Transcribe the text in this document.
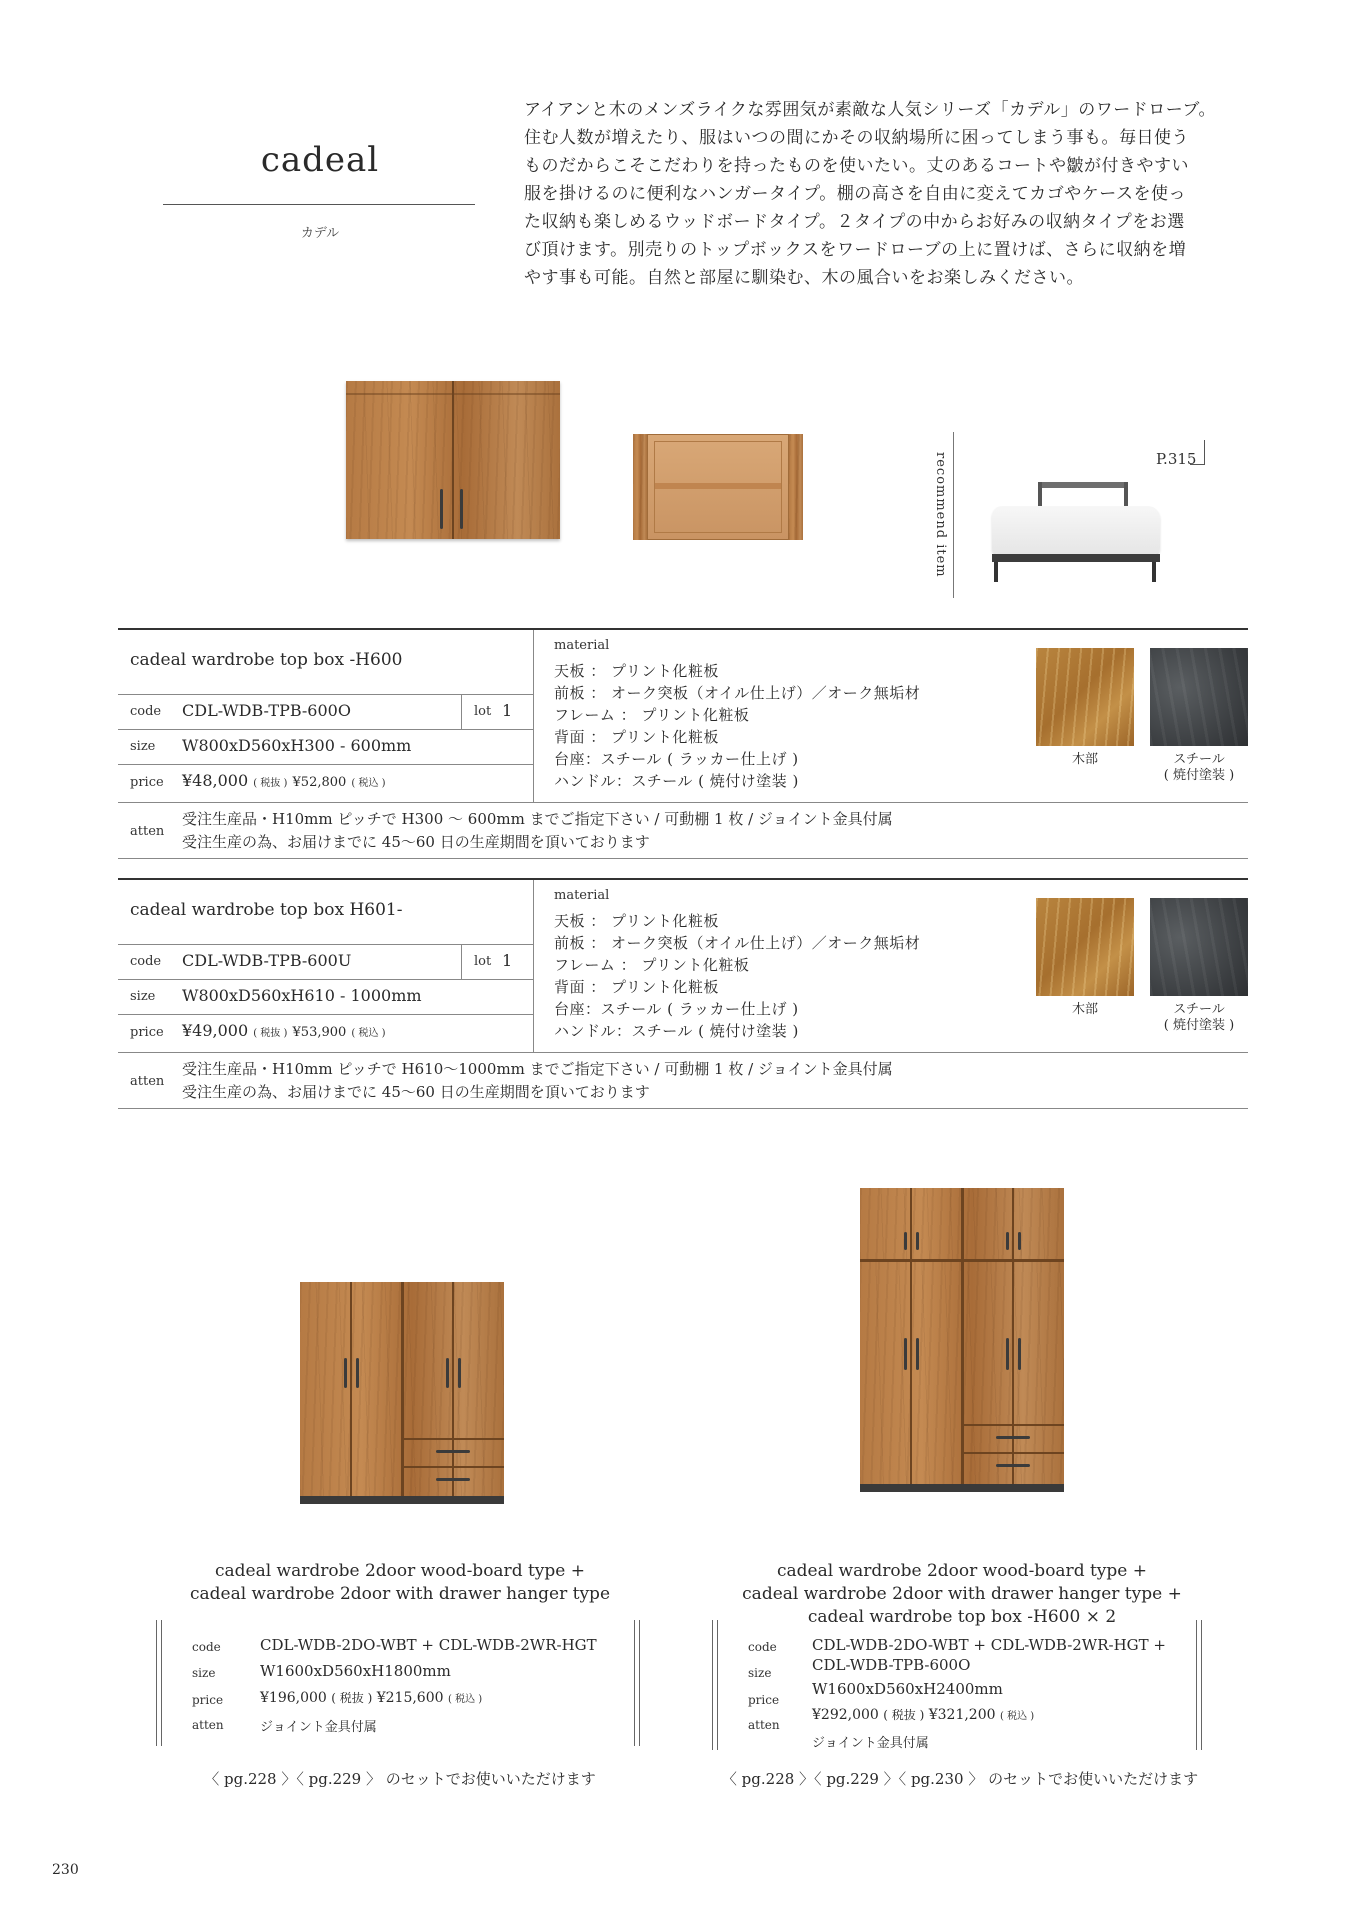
cadeal
カデル

アイアンと木のメンズライクな雰囲気が素敵な人気シリーズ「カデル」のワードローブ。

住む人数が増えたり、服はいつの間にかその収納場所に困ってしまう事も。毎日使う

ものだからこそこだわりを持ったものを使いたい。丈のあるコートや皺が付きやすい

服を掛けるのに便利なハンガータイプ。棚の高さを自由に変えてカゴやケースを使っ

た収納も楽しめるウッドボードタイプ。２タイプの中からお好みの収納タイプをお選

び頂けます。別売りのトップボックスをワードローブの上に置けば、さらに収納を増

やす事も可能。自然と部屋に馴染む、木の風合いをお楽しみください。

recommend item	P.315
cadeal wardrobe top box -H600
code CDL-WDB-TPB-600O	lot 1
size W800xD560xH300 - 600mm
price ¥48,000 ( 税抜 ) ¥52,800 ( 税込 )
material
天板 ： プリント化粧板
前板 ： オーク突板（オイル仕上げ）／オーク無垢材
フレーム ： プリント化粧板
背面 ： プリント化粧板
台座：スチール ( ラッカー仕上げ )
ハンドル：スチール ( 焼付け塗装 )
木部	スチール
( 焼付塗装 )
atten
受注生産品・H10mm ピッチで H300 ～ 600mm までご指定下さい / 可動棚 1 枚 / ジョイント金具付属
受注生産の為、お届けまでに 45～60 日の生産期間を頂いております
cadeal wardrobe top box H601-
code CDL-WDB-TPB-600U	lot 1
size W800xD560xH610 - 1000mm
price ¥49,000 ( 税抜 ) ¥53,900 ( 税込 )
material
天板 ： プリント化粧板
前板 ： オーク突板（オイル仕上げ）／オーク無垢材
フレーム ： プリント化粧板
背面 ： プリント化粧板
台座：スチール ( ラッカー仕上げ )
ハンドル：スチール ( 焼付け塗装 )
木部	スチール
( 焼付塗装 )
atten
受注生産品・H10mm ピッチで H610～1000mm までご指定下さい / 可動棚 1 枚 / ジョイント金具付属
受注生産の為、お届けまでに 45～60 日の生産期間を頂いております
cadeal wardrobe 2door wood-board type +
cadeal wardrobe 2door with drawer hanger type
code	CDL-WDB-2DO-WBT + CDL-WDB-2WR-HGT
size	W1600xD560xH1800mm
price	¥196,000 ( 税抜 ) ¥215,600 ( 税込 )
atten	ジョイント金具付属
〈 pg.228 〉〈 pg.229 〉 のセットでお使いいただけます
cadeal wardrobe 2door wood-board type +
cadeal wardrobe 2door with drawer hanger type +
cadeal wardrobe top box -H600 × 2
code CDL-WDB-2DO-WBT + CDL-WDB-2WR-HGT +
CDL-WDB-TPB-600O
size
W1600xD560xH2400mm
price
¥292,000 ( 税抜 ) ¥321,200 ( 税込 )
atten
ジョイント金具付属
〈 pg.228 〉〈 pg.229 〉〈 pg.230 〉 のセットでお使いいただけます
230
